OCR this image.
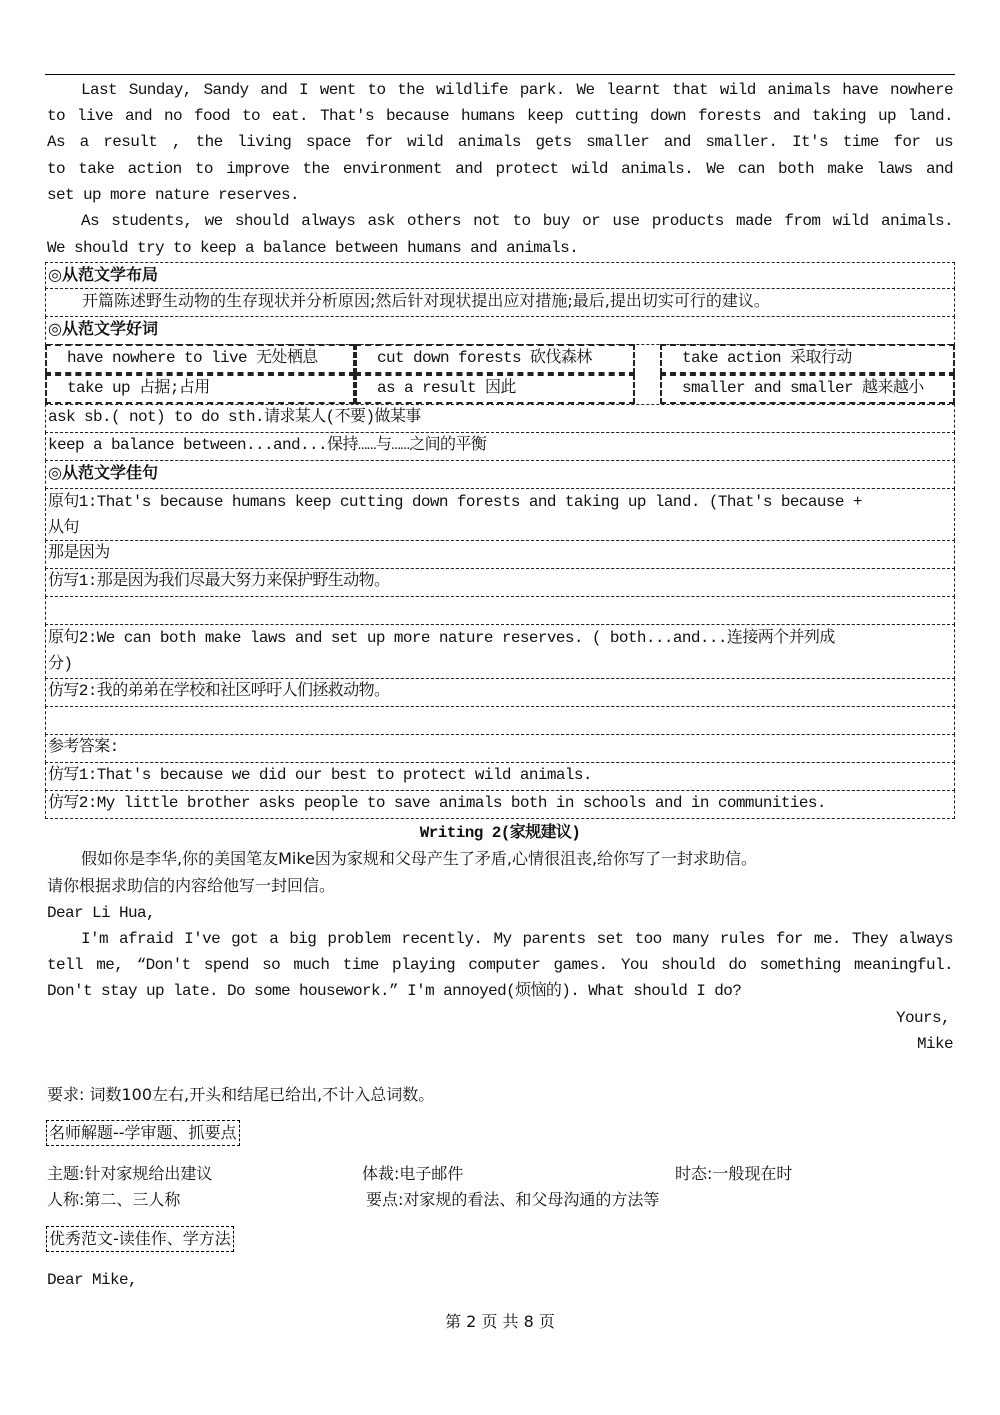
Last Sunday, Sandy and I went to the wildlife park. We learnt that wild animals have nowhere
to live and no food to eat. That's because humans keep cutting down forests and taking up land.
As a result , the living space for wild animals gets smaller and smaller. It's time for us
to take action to improve the environment and protect wild animals. We can both make laws and
set up more nature reserves.
As students, we should always ask others not to buy or use products made from wild animals.
We should try to keep a balance between humans and animals.
◎从范文学布局
开篇陈述野生动物的生存现状并分析原因;然后针对现状提出应对措施;最后,提出切实可行的建议。
◎从范文学好词
have nowhere to live 无处栖息	cut down forests 砍伐森林	take action 采取行动
take up 占据;占用	as a result 因此	smaller and smaller 越来越小
ask sb.( not) to do sth.请求某人(不要)做某事
keep a balance between...and...保持……与……之间的平衡
◎从范文学佳句
原句1:That's because humans keep cutting down forests and taking up land. (That's because +
从句
那是因为
仿写1:那是因为我们尽最大努力来保护野生动物。
原句2:We can both make laws and set up more nature reserves. ( both...and...连接两个并列成
分)
仿写2:我的弟弟在学校和社区呼吁人们拯救动物。
参考答案:
仿写1:That's because we did our best to protect wild animals.
仿写2:My little brother asks people to save animals both in schools and in communities.
Writing 2(家规建议)
假如你是李华,你的美国笔友Mike因为家规和父母产生了矛盾,心情很沮丧,给你写了一封求助信。
请你根据求助信的内容给他写一封回信。
Dear Li Hua,
I'm afraid I've got a big problem recently. My parents set too many rules for me. They always
tell me, “Don't spend so much time playing computer games. You should do something meaningful.
Don't stay up late. Do some housework.” I'm annoyed(烦恼的). What should I do?
Yours,
Mike
要求: 词数100左右,开头和结尾已给出,不计入总词数。
名师解题--学审题、抓要点
主题:针对家规给出建议	体裁:电子邮件	时态:一般现在时
人称:第二、三人称	要点:对家规的看法、和父母沟通的方法等
优秀范文-读佳作、学方法
Dear Mike,
第 2 页 共 8 页
